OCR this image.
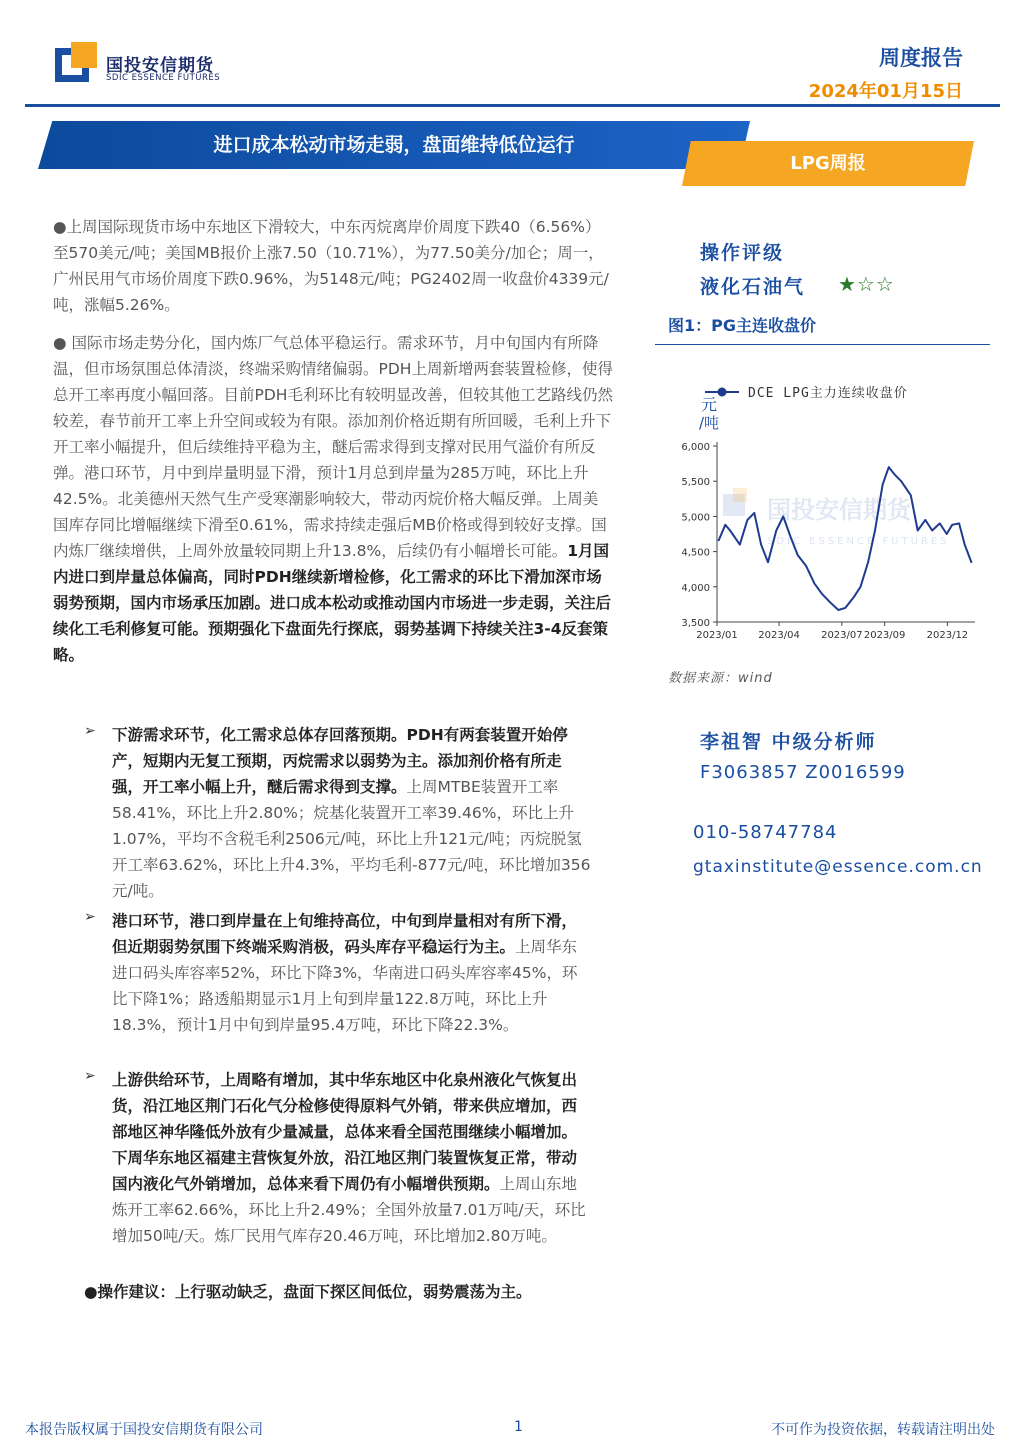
国投安信期货
SDIC ESSENCE FUTURES
周度报告
2024年01月15日
进口成本松动市场走弱，盘面维持低位运行
LPG周报
●上周国际现货市场中东地区下滑较大，中东丙烷离岸价周度下跌40（6.56%）至570美元/吨；美国MB报价上涨7.50（10.71%），为77.50美分/加仑；周一，广州民用气市场价周度下跌0.96%，为5148元/吨；PG2402周一收盘价4339元/吨，涨幅5.26%。
● 国际市场走势分化，国内炼厂气总体平稳运行。需求环节，月中旬国内有所降温，但市场氛围总体清淡，终端采购情绪偏弱。PDH上周新增两套装置检修，使得总开工率再度小幅回落。目前PDH毛利环比有较明显改善，但较其他工艺路线仍然较差，春节前开工率上升空间或较为有限。添加剂价格近期有所回暖，毛利上升下开工率小幅提升，但后续维持平稳为主，醚后需求得到支撑对民用气溢价有所反弹。港口环节，月中到岸量明显下滑，预计1月总到岸量为285万吨，环比上升42.5%。北美德州天然气生产受寒潮影响较大，带动丙烷价格大幅反弹。上周美国库存同比增幅继续下滑至0.61%，需求持续走强后MB价格或得到较好支撑。国内炼厂继续增供，上周外放量较同期上升13.8%，后续仍有小幅增长可能。1月国内进口到岸量总体偏高，同时PDH继续新增检修，化工需求的环比下滑加深市场弱势预期，国内市场承压加剧。进口成本松动或推动国内市场进一步走弱，关注后续化工毛利修复可能。预期强化下盘面先行探底，弱势基调下持续关注3-4反套策略。
➢ 下游需求环节，化工需求总体存回落预期。PDH有两套装置开始停产，短期内无复工预期，丙烷需求以弱势为主。添加剂价格有所走强，开工率小幅上升，醚后需求得到支撑。上周MTBE装置开工率58.41%，环比上升2.80%；烷基化装置开工率39.46%，环比上升1.07%，平均不含税毛利2506元/吨，环比上升121元/吨；丙烷脱氢开工率63.62%，环比上升4.3%，平均毛利-877元/吨，环比增加356元/吨。
➢ 港口环节，港口到岸量在上旬维持高位，中旬到岸量相对有所下滑，但近期弱势氛围下终端采购消极，码头库存平稳运行为主。上周华东进口码头库容率52%，环比下降3%，华南进口码头库容率45%，环比下降1%；路透船期显示1月上旬到岸量122.8万吨，环比上升18.3%，预计1月中旬到岸量95.4万吨，环比下降22.3%。
➢ 上游供给环节，上周略有增加，其中华东地区中化泉州液化气恢复出货，沿江地区荆门石化气分检修使得原料气外销，带来供应增加，西部地区神华隆低外放有少量减量，总体来看全国范围继续小幅增加。下周华东地区福建主营恢复外放，沿江地区荆门装置恢复正常，带动国内液化气外销增加，总体来看下周仍有小幅增供预期。上周山东地炼开工率62.66%，环比上升2.49%；全国外放量7.01万吨/天，环比增加50吨/天。炼厂民用气库存20.46万吨，环比增加2.80万吨。
●操作建议：上行驱动缺乏，盘面下探区间低位，弱势震荡为主。
操作评级
液化石油气 ★☆☆
图1：PG主连收盘价
国投安信期货
SDIC ESSENCE FUTURES
6,000
5,500
5,000
4,500
4,000
3,500
2023/01 2023/04 2023/07 2023/09 2023/12
DCE LPG主力连续收盘价
元
/吨
数据来源：wind
李祖智 中级分析师
F3063857 Z0016599
010-58747784
gtaxinstitute@essence.com.cn
本报告版权属于国投安信期货有限公司	1	不可作为投资依据，转载请注明出处
